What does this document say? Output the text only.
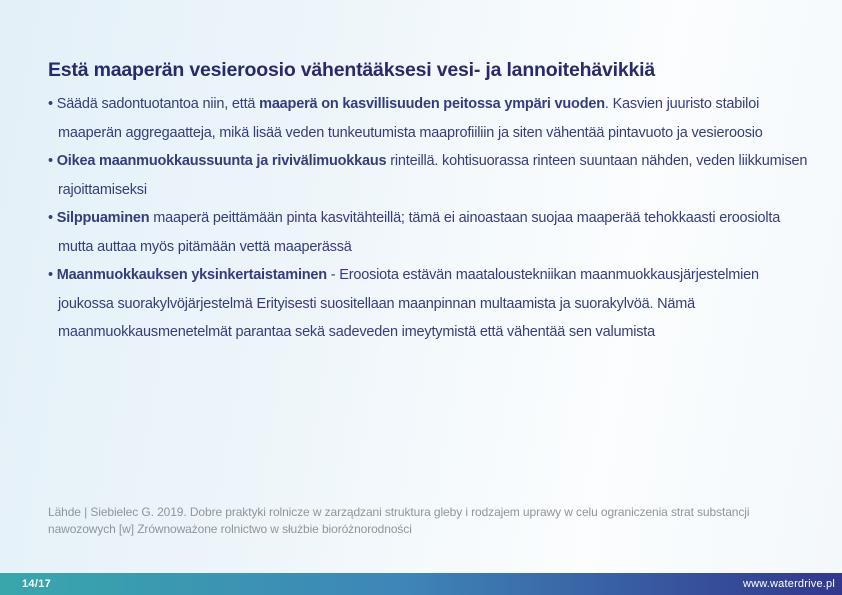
Estä maaperän vesieroosio vähentääksesi vesi- ja lannoitehävikkiä
• Säädä sadontuotantoa niin, että maaperä on kasvillisuuden peitossa ympäri vuoden. Kasvien juuristo stabiloi maaperän aggregaatteja, mikä lisää veden tunkeutumista maaprofiiliin ja siten vähentää pintavuoto ja vesieroosio
• Oikea maanmuokkaussuunta ja rivivälimuokkaus rinteillä. kohtisuorassa rinteen suuntaan nähden, veden liikkumisen rajoittamiseksi
• Silppuaminen maaperä peittämään pinta kasvitähteillä; tämä ei ainoastaan suojaa maaperää tehokkaasti eroosiolta mutta auttaa myös pitämään vettä maaperässä
• Maanmuokkauksen yksinkertaistaminen - Eroosiota estävän maataloustekniikan maanmuokkausjärjestelmien joukossa suorakylvöjärjestelmä Erityisesti suositellaan maanpinnan multaamista ja suorakylvöä. Nämä maanmuokkausmenetelmät parantaa sekä sadeveden imeytymistä että vähentää sen valumista

Lähde | Siebielec G. 2019. Dobre praktyki rolnicze w zarządzani struktura gleby i rodzajem uprawy w celu ograniczenia strat substancji nawozowych [w] Zrównoważone rolnictwo w służbie bioróżnorodności

14/17	www.waterdrive.pl
